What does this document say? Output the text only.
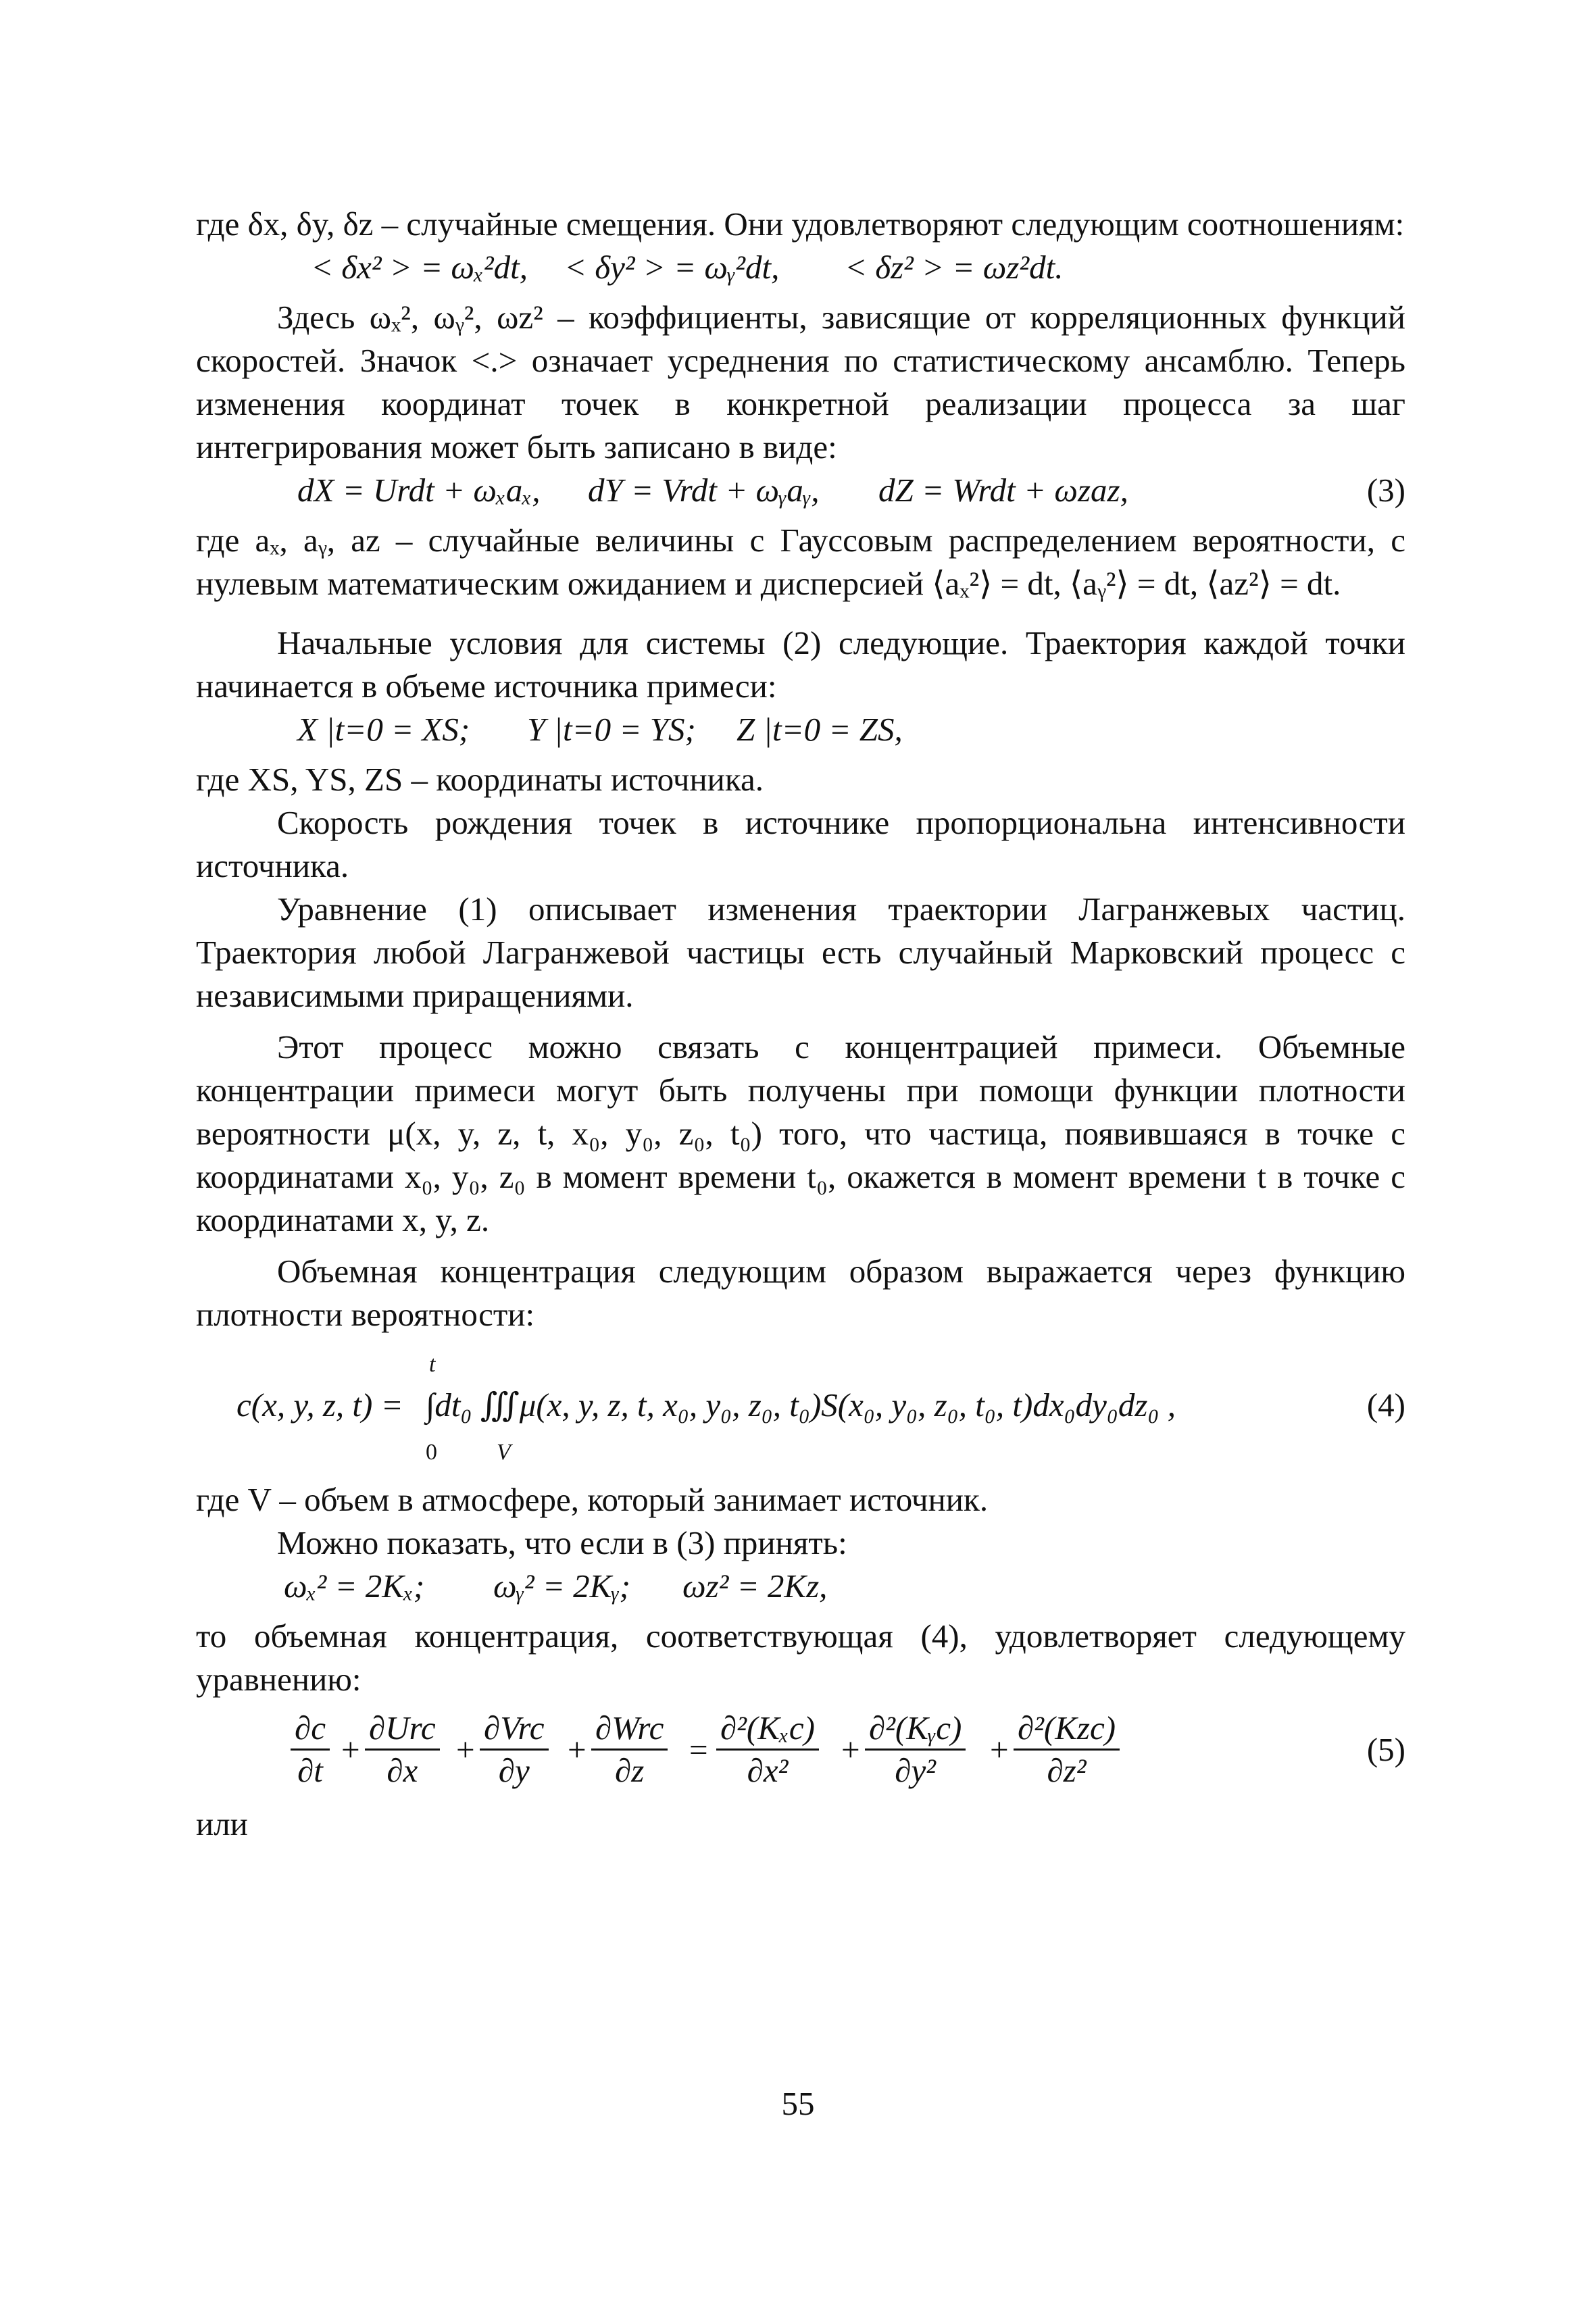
где δx, δy, δz – случайные смещения. Они удовлетворяют следующим соотношениям:

< δx² > = ωₓ²dt,

< δy² > = ωᵧ²dt,

< δz² > = ωz²dt.

Здесь ωₓ², ωᵧ², ωz² – коэффициенты, зависящие от корреляционных функций скоростей. Значок <.> означает усреднения по статистическому ансамблю. Теперь изменения координат точек в конкретной реализации процесса за шаг интегрирования может быть записано в виде:

dX = Urdt + ωₓaₓ,

dY = Vrdt + ωᵧaᵧ,

dZ = Wrdt + ωzaz,

	(3)

где aₓ, aᵧ, az – случайные величины с Гауссовым распределением вероятности, с нулевым математическим ожиданием и дисперсией ⟨aₓ²⟩ = dt, ⟨aᵧ²⟩ = dt, ⟨az²⟩ = dt.

Начальные условия для системы (2) следующие. Траектория каждой точки начинается в объеме источника примеси:

X |t=0 = XS;

Y |t=0 = YS;

Z |t=0 = ZS,

где XS, YS, ZS – координаты источника.

Скорость рождения точек в источнике пропорциональна интенсивности источника.

Уравнение (1) описывает изменения траектории Лагранжевых частиц. Траектория любой Лагранжевой частицы есть случайный Марковский процесс с независимыми приращениями.

Этот процесс можно связать с концентрацией примеси. Объемные концентрации примеси могут быть получены при помощи функции плотности вероятности μ(x, y, z, t, x₀, y₀, z₀, t₀) того, что частица, появившаяся в точке с координатами x₀, y₀, z₀ в момент времени t₀, окажется в момент времени t в точке с координатами x, y, z.

Объемная концентрация следующим образом выражается через функцию плотности вероятности:

c(x, y, z, t) =
t
0	V
∫dt₀ ∭μ(x, y, z, t, x₀, y₀, z₀, t₀)S(x₀, y₀, z₀, t₀, t)dx₀dy₀dz₀ ,	(4)

где V – объем в атмосфере, который занимает источник.

Можно показать, что если в (3) принять:

ωₓ² = 2Kₓ;

ωᵧ² = 2Kᵧ;

ωz² = 2Kz,

то объемная концентрация, соответствующая (4), удовлетворяет следующему уравнению:

$\frac{\partial c}{\partial t}$ +
∂Urc
∂x
+
∂Vrc
∂y
+
∂Wrc
∂z
=
∂²(Kₓc)
∂x²
+
∂²(Kᵧc)
∂y²
+
∂²(Kzc)
∂z²
(5)

или

55
